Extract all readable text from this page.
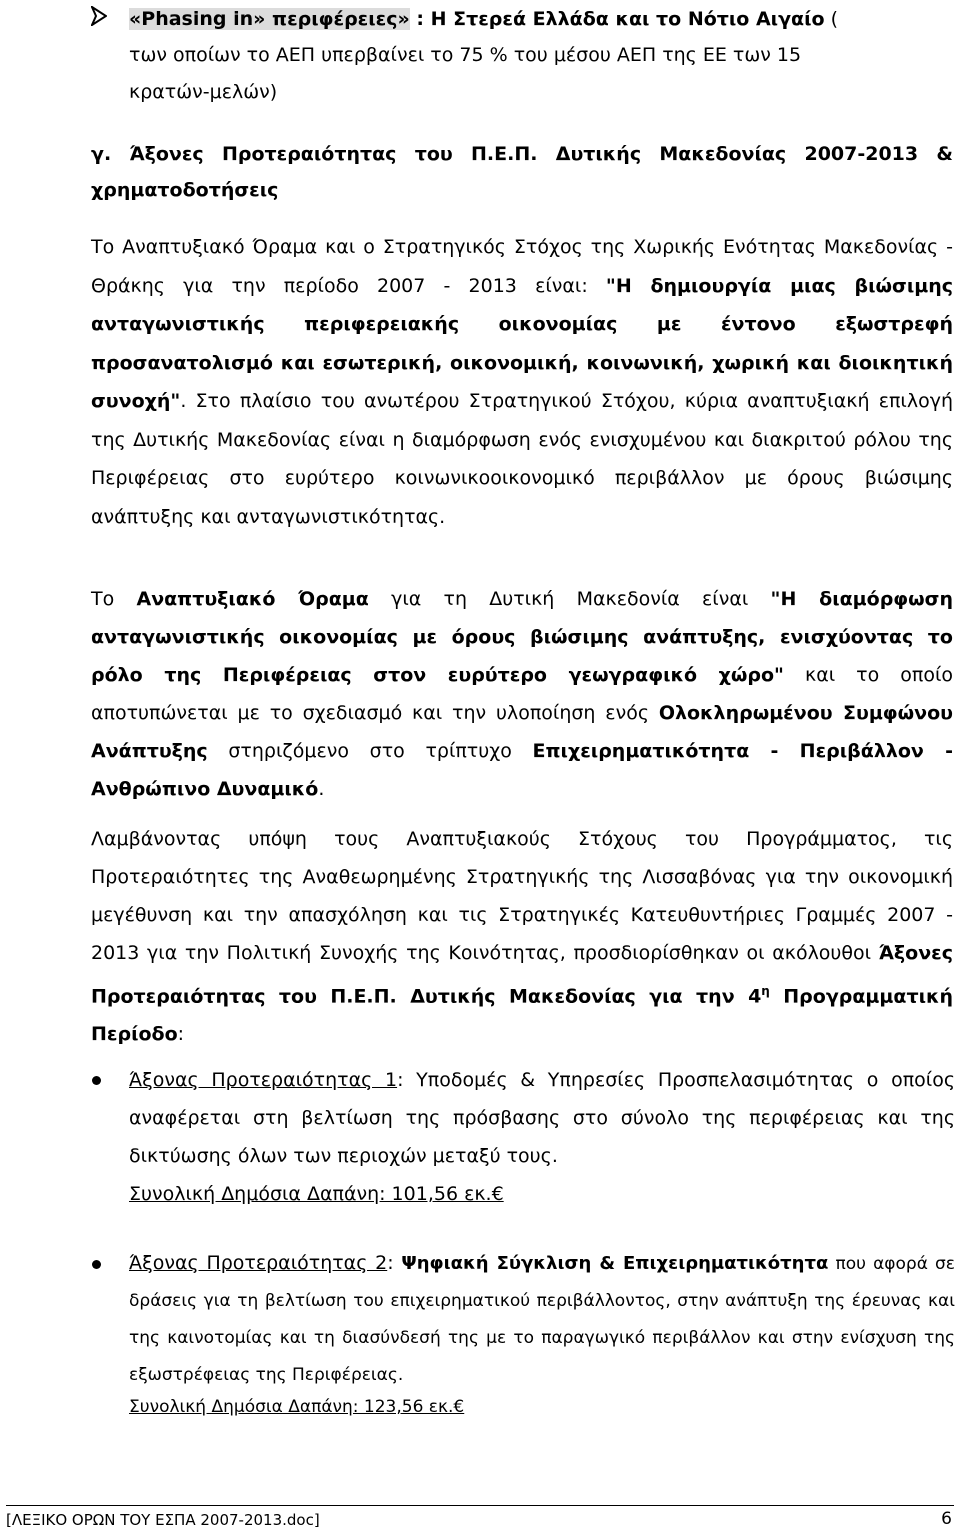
«Phasing in» περιφέρειες» : Η Στερεά Ελλάδα και το Νότιο Αιγαίο (

των οποίων το ΑΕΠ υπερβαίνει το 75 % του μέσου ΑΕΠ της ΕΕ των 15

κρατών-μελών)

γ. Άξονες Προτεραιότητας του Π.Ε.Π. Δυτικής Μακεδονίας 2007-2013 & χρηματοδοτήσεις

Το Αναπτυξιακό Όραμα και ο Στρατηγικός Στόχος της Χωρικής Ενότητας Μακεδονίας - Θράκης για την περίοδο 2007 - 2013 είναι: "Η δημιουργία μιας βιώσιμης ανταγωνιστικής περιφερειακής οικονομίας με έντονο εξωστρεφή προσανατολισμό και εσωτερική, οικονομική, κοινωνική, χωρική και διοικητική συνοχή". Στο πλαίσιο του ανωτέρου Στρατηγικού Στόχου, κύρια αναπτυξιακή επιλογή της Δυτικής Μακεδονίας είναι η διαμόρφωση ενός ενισχυμένου και διακριτού ρόλου της Περιφέρειας στο ευρύτερο κοινωνικοοικονομικό περιβάλλον με όρους βιώσιμης ανάπτυξης και ανταγωνιστικότητας.

Το Αναπτυξιακό Όραμα για τη Δυτική Μακεδονία είναι "Η διαμόρφωση ανταγωνιστικής οικονομίας με όρους βιώσιμης ανάπτυξης, ενισχύοντας το ρόλο της Περιφέρειας στον ευρύτερο γεωγραφικό χώρο" και το οποίο αποτυπώνεται με το σχεδιασμό και την υλοποίηση ενός Ολοκληρωμένου Συμφώνου Ανάπτυξης στηριζόμενο στο τρίπτυχο Επιχειρηματικότητα - Περιβάλλον - Ανθρώπινο Δυναμικό.

Λαμβάνοντας υπόψη τους Αναπτυξιακούς Στόχους του Προγράμματος, τις Προτεραιότητες της Αναθεωρημένης Στρατηγικής της Λισσαβόνας για την οικονομική μεγέθυνση και την απασχόληση και τις Στρατηγικές Κατευθυντήριες Γραμμές 2007 - 2013 για την Πολιτική Συνοχής της Κοινότητας, προσδιορίσθηκαν οι ακόλουθοι Άξονες Προτεραιότητας του Π.Ε.Π. Δυτικής Μακεδονίας για την $4^\eta$ Προγραμματική Περίοδο:

Άξονας Προτεραιότητας 1: Υποδομές & Υπηρεσίες Προσπελασιμότητας ο οποίος αναφέρεται στη βελτίωση της πρόσβασης στο σύνολο της περιφέρειας και της δικτύωσης όλων των περιοχών μεταξύ τους.

Συνολική Δημόσια Δαπάνη: 101,56 εκ.€

Άξονας Προτεραιότητας 2: Ψηφιακή Σύγκλιση & Επιχειρηματικότητα που αφορά σε δράσεις για τη βελτίωση του επιχειρηματικού περιβάλλοντος, στην ανάπτυξη της έρευνας και της καινοτομίας και τη διασύνδεσή της με το παραγωγικό περιβάλλον και στην ενίσχυση της εξωστρέφειας της Περιφέρειας.

Συνολική Δημόσια Δαπάνη: 123,56 εκ.€

[ΛΕΞΙΚΟ ΟΡΩΝ ΤΟΥ ΕΣΠΑ 2007-2013.doc]	6
